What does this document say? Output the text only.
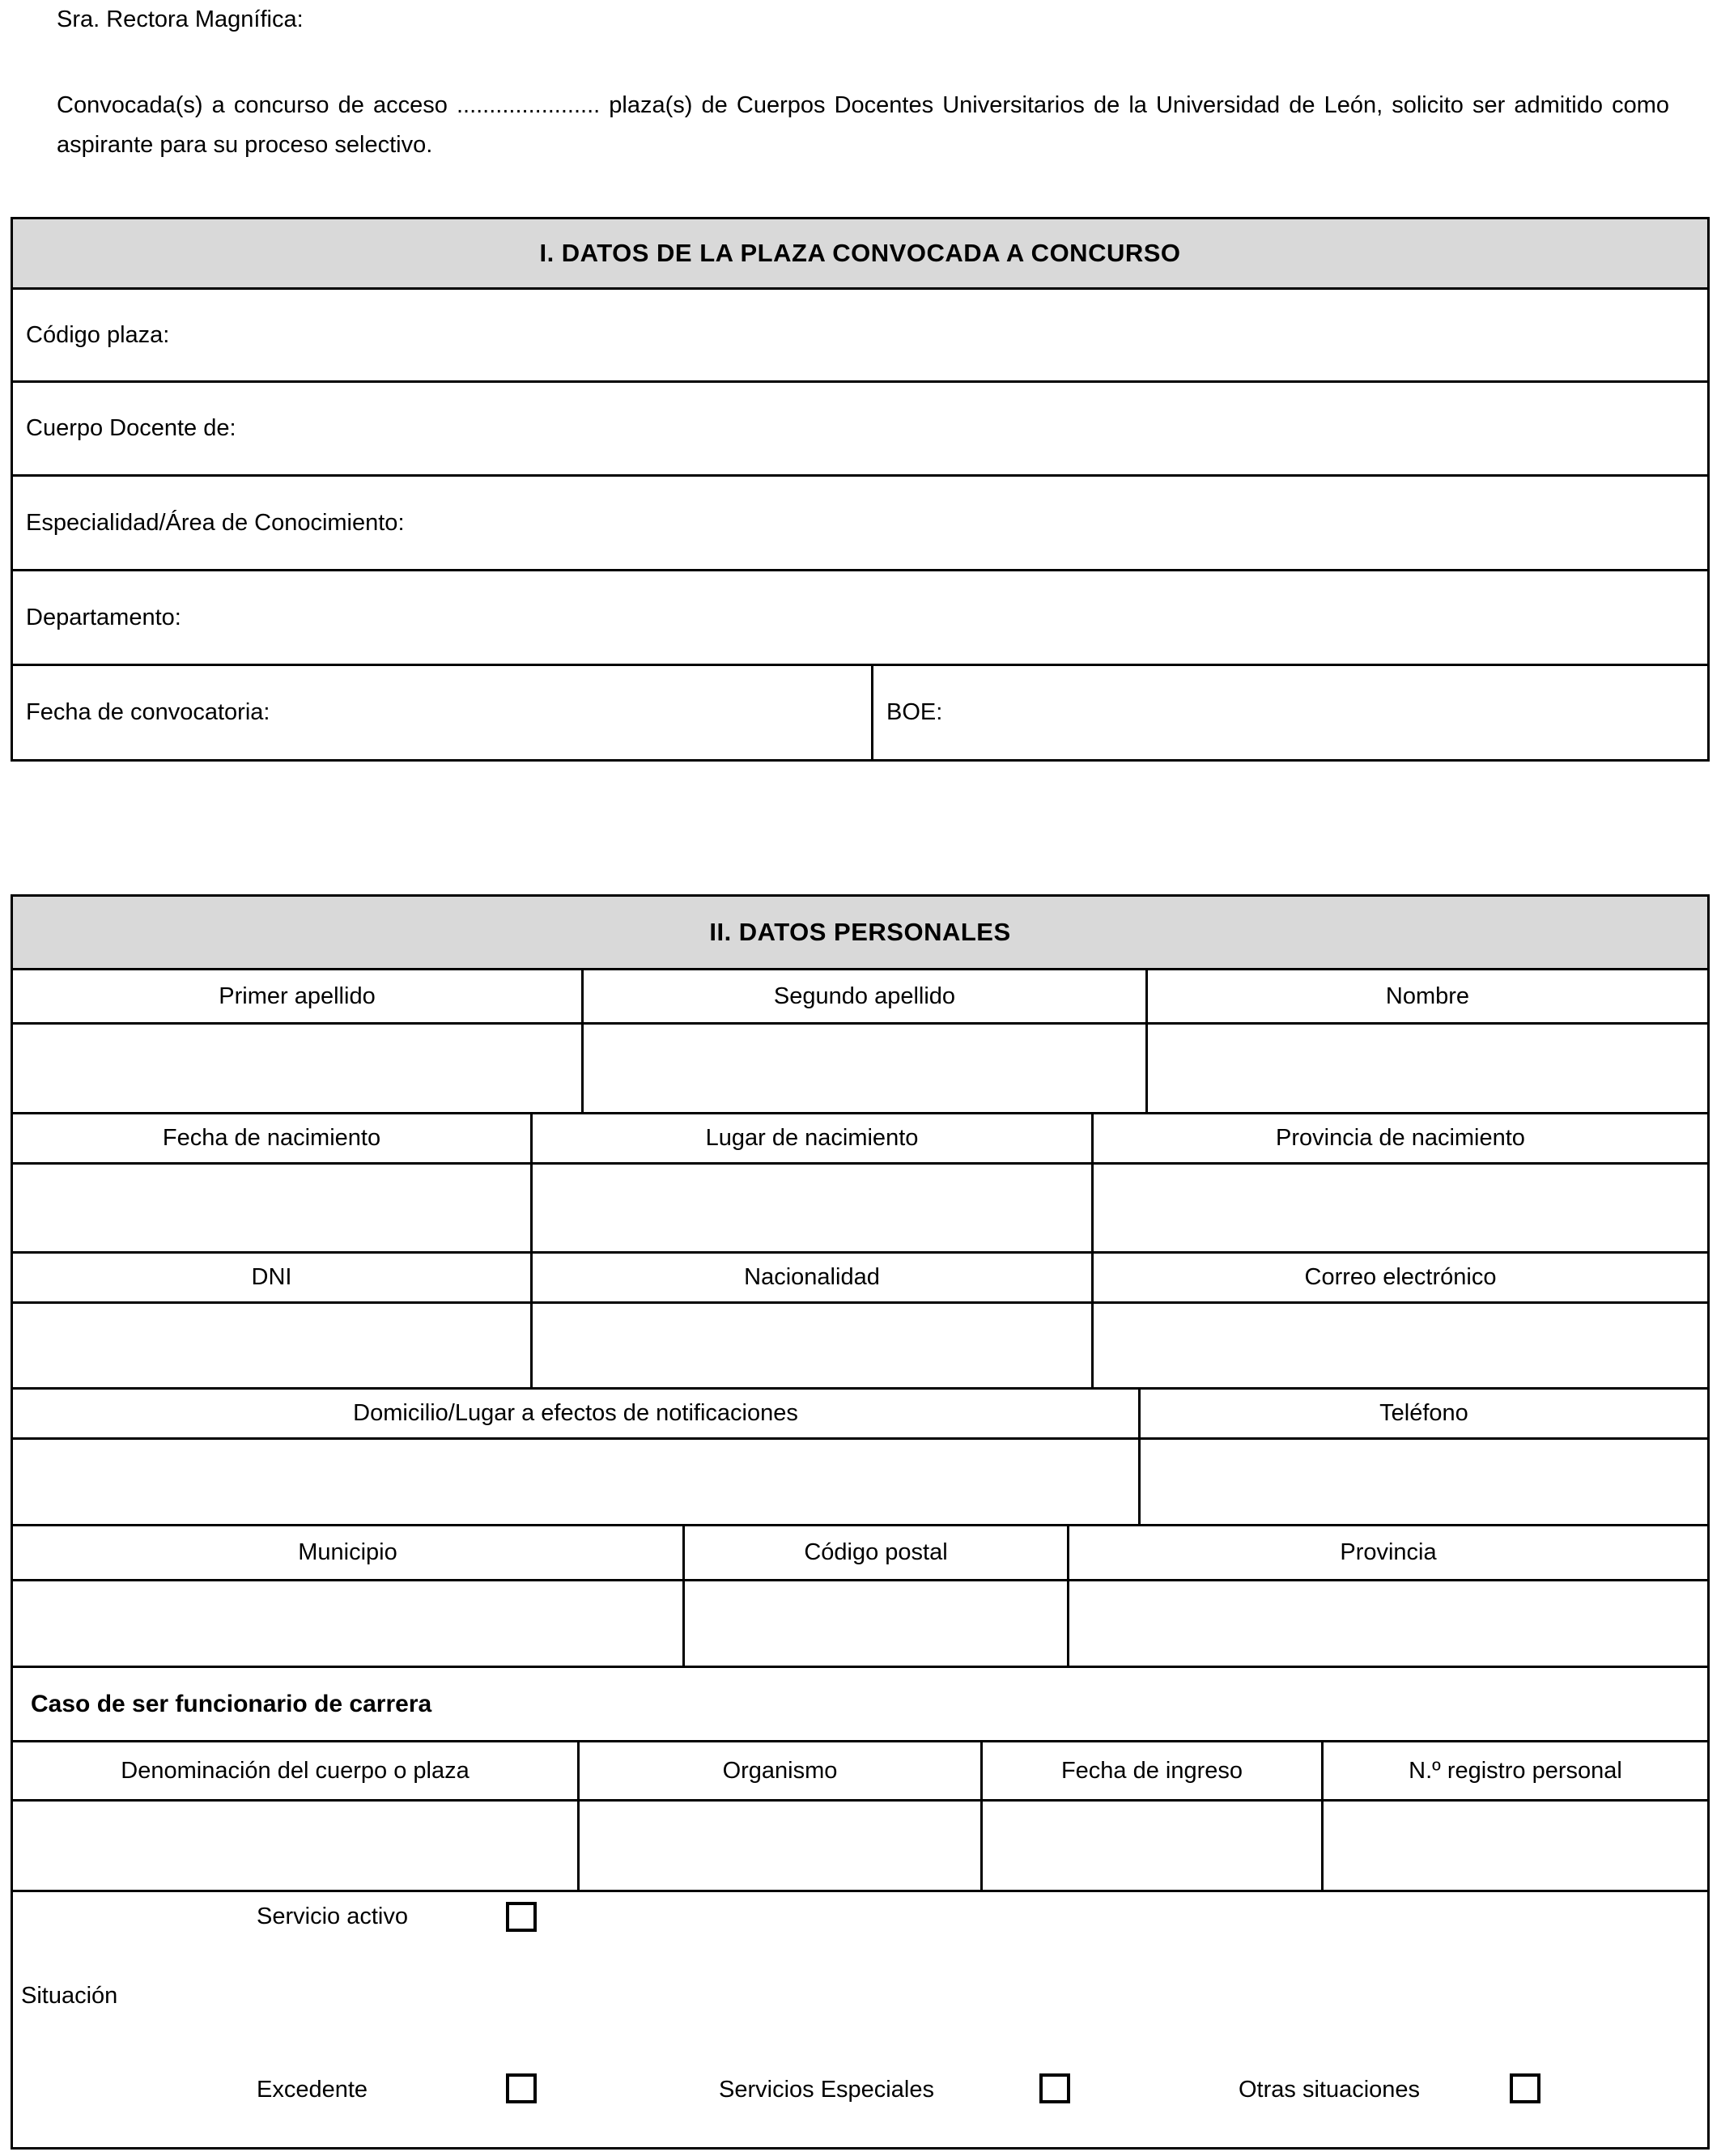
Sra. Rectora Magnífica:
Convocada(s) a concurso de acceso ...................... plaza(s) de Cuerpos Docentes Universitarios de la Universidad de León, solicito ser admitido como aspirante para su proceso selectivo.
I. DATOS DE LA PLAZA CONVOCADA A CONCURSO
Código plaza:
Cuerpo Docente de:
Especialidad/Área de Conocimiento:
Departamento:
Fecha de convocatoria:	BOE:
II. DATOS PERSONALES
Primer apellido	Segundo apellido	Nombre
Fecha de nacimiento	Lugar de nacimiento	Provincia de nacimiento
DNI	Nacionalidad	Correo electrónico
Domicilio/Lugar a efectos de notificaciones	Teléfono
Municipio	Código postal	Provincia
Caso de ser funcionario de carrera
Denominación del cuerpo o plaza	Organismo	Fecha de ingreso	N.º registro personal
Servicio activo
Situación
Excedente	Servicios Especiales	Otras situaciones
